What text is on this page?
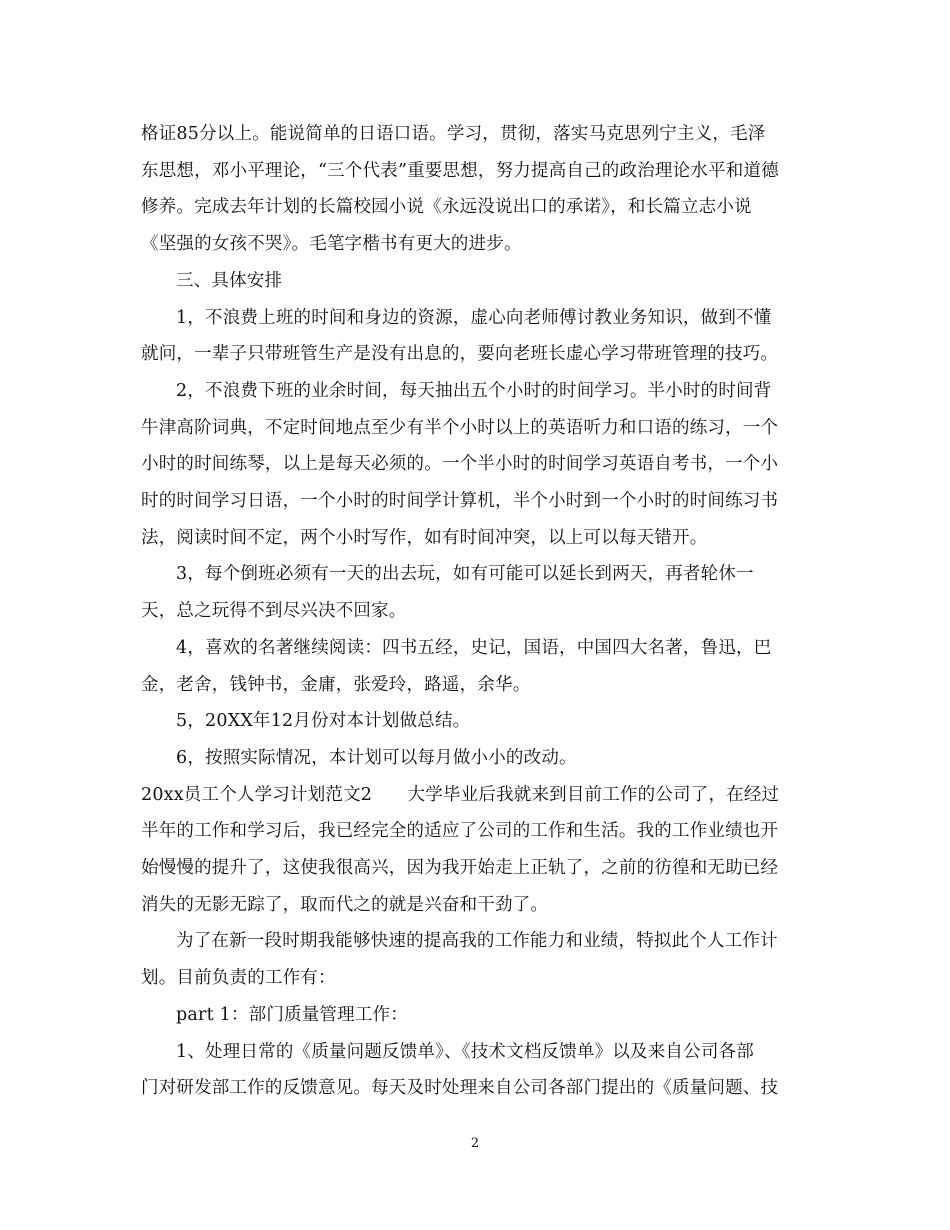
格证85分以上。能说简单的日语口语。学习，贯彻，落实马克思列宁主义，毛泽
东思想，邓小平理论，“三个代表”重要思想，努力提高自己的政治理论水平和道德
修养。完成去年计划的长篇校园小说《永远没说出口的承诺》，和长篇立志小说
《坚强的女孩不哭》。毛笔字楷书有更大的进步。

三、具体安排

1，不浪费上班的时间和身边的资源，虚心向老师傅讨教业务知识，做到不懂
就问，一辈子只带班管生产是没有出息的，要向老班长虚心学习带班管理的技巧。

2，不浪费下班的业余时间，每天抽出五个小时的时间学习。半小时的时间背
牛津高阶词典，不定时间地点至少有半个小时以上的英语听力和口语的练习，一个
小时的时间练琴，以上是每天必须的。一个半小时的时间学习英语自考书，一个小
时的时间学习日语，一个小时的时间学计算机，半个小时到一个小时的时间练习书
法，阅读时间不定，两个小时写作，如有时间冲突，以上可以每天错开。

3，每个倒班必须有一天的出去玩，如有可能可以延长到两天，再者轮休一
天，总之玩得不到尽兴决不回家。

4，喜欢的名著继续阅读：四书五经，史记，国语，中国四大名著，鲁迅，巴
金，老舍，钱钟书，金庸，张爱玲，路遥，余华。

5，20XX年12月份对本计划做总结。

6，按照实际情况，本计划可以每月做小小的改动。

20xx员工个人学习计划范文2　　大学毕业后我就来到目前工作的公司了，在经过
半年的工作和学习后，我已经完全的适应了公司的工作和生活。我的工作业绩也开
始慢慢的提升了，这使我很高兴，因为我开始走上正轨了，之前的彷徨和无助已经
消失的无影无踪了，取而代之的就是兴奋和干劲了。

为了在新一段时期我能够快速的提高我的工作能力和业绩，特拟此个人工作计
划。目前负责的工作有：

part 1：部门质量管理工作：

1、处理日常的《质量问题反馈单》、《技术文档反馈单》以及来自公司各部
门对研发部工作的反馈意见。每天及时处理来自公司各部门提出的《质量问题、技

2
